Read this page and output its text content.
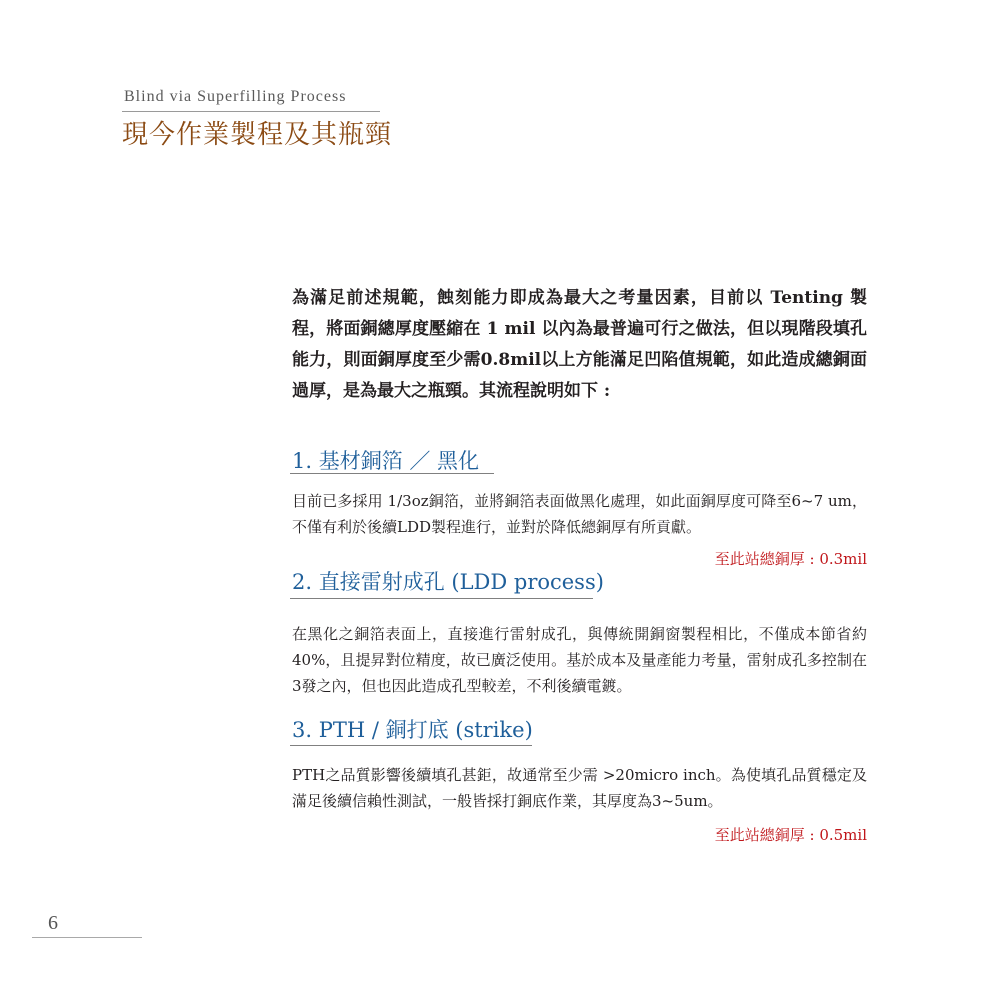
Blind via Superfilling Process
現今作業製程及其瓶頸
為滿足前述規範，蝕刻能力即成為最大之考量因素，目前以 Tenting 製程，將面銅總厚度壓縮在 1 mil 以內為最普遍可行之做法，但以現階段填孔能力，則面銅厚度至少需0.8mil以上方能滿足凹陷值規範，如此造成總銅面過厚，是為最大之瓶頸。其流程說明如下 :
1. 基材銅箔 ／ 黑化
目前已多採用 1/3oz銅箔，並將銅箔表面做黑化處理，如此面銅厚度可降至6~7 um，不僅有利於後續LDD製程進行，並對於降低總銅厚有所貢獻。
至此站總銅厚 : 0.3mil
2. 直接雷射成孔 (LDD process)
在黑化之銅箔表面上，直接進行雷射成孔，與傳統開銅窗製程相比，不僅成本節省約40%，且提昇對位精度，故已廣泛使用。基於成本及量產能力考量，雷射成孔多控制在3發之內，但也因此造成孔型較差，不利後續電鍍。
3. PTH / 銅打底 (strike)
PTH之品質影響後續填孔甚鉅，故通常至少需 >20micro inch。為使填孔品質穩定及滿足後續信賴性測試，一般皆採打銅底作業，其厚度為3~5um。
至此站總銅厚 : 0.5mil
6
